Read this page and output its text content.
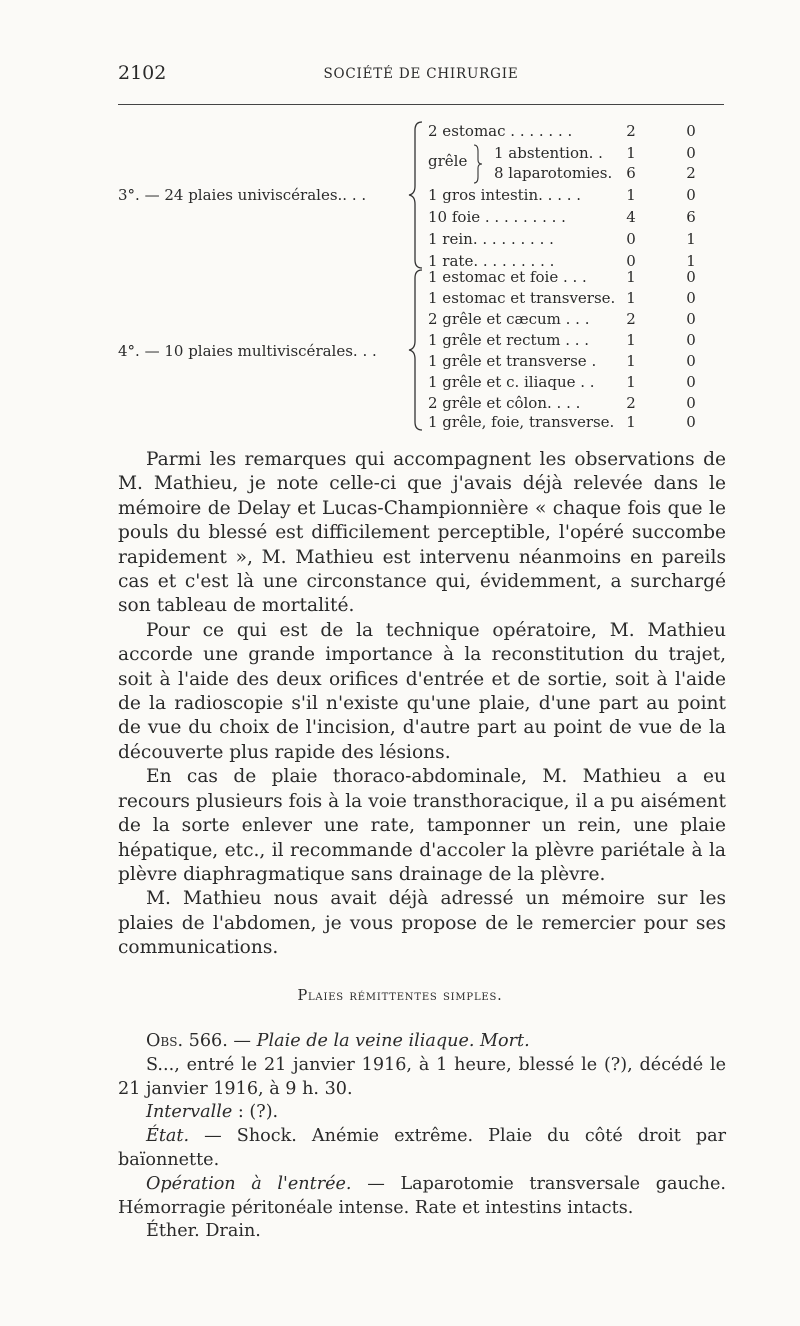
2102	SOCIÉTÉ DE CHIRURGIE
3°. — 24 plaies univiscérales.. . .
2 estomac . . . . . . .	2	0
grêle 1 abstention. . 1	0
8 laparotomies. 6	2
1 gros intestin. . . . .	1	0
10 foie . . . . . . . . .	4	6
1 rein. . . . . . . . .	0	1
1 rate. . . . . . . . .	0	1
4°. — 10 plaies multiviscérales. . .
1 estomac et foie . . .	1	0
1 estomac et transverse. 1	0
2 grêle et cæcum . . . 2	0
1 grêle et rectum . . . 1	0
1 grêle et transverse . 1	0
1 grêle et c. iliaque . . 1	0
2 grêle et côlon. . . .	2	0
1 grêle, foie, transverse. 1	0

Parmi les remarques qui accompagnent les observations de M. Mathieu, je note celle-ci que j'avais déjà relevée dans le mémoire de Delay et Lucas-Championnière « chaque fois que le pouls du blessé est difficilement perceptible, l'opéré succombe rapidement », M. Mathieu est intervenu néanmoins en pareils cas et c'est là une circonstance qui, évidemment, a surchargé son tableau de mortalité.

Pour ce qui est de la technique opératoire, M. Mathieu accorde une grande importance à la reconstitution du trajet, soit à l'aide des deux orifices d'entrée et de sortie, soit à l'aide de la radioscopie s'il n'existe qu'une plaie, d'une part au point de vue du choix de l'incision, d'autre part au point de vue de la découverte plus rapide des lésions.

En cas de plaie thoraco-abdominale, M. Mathieu a eu recours plusieurs fois à la voie transthoracique, il a pu aisément de la sorte enlever une rate, tamponner un rein, une plaie hépatique, etc., il recommande d'accoler la plèvre pariétale à la plèvre diaphragmatique sans drainage de la plèvre.

M. Mathieu nous avait déjà adressé un mémoire sur les plaies de l'abdomen, je vous propose de le remercier pour ses communications.

Plaies rémittentes simples.

Obs. 566. — Plaie de la veine iliaque. Mort.

S..., entré le 21 janvier 1916, à 1 heure, blessé le (?), décédé le 21 janvier 1916, à 9 h. 30.

Intervalle : (?).

État. — Shock. Anémie extrême. Plaie du côté droit par baïonnette.

Opération à l'entrée. — Laparotomie transversale gauche. Hémorragie péritonéale intense. Rate et intestins intacts.

Éther. Drain.
